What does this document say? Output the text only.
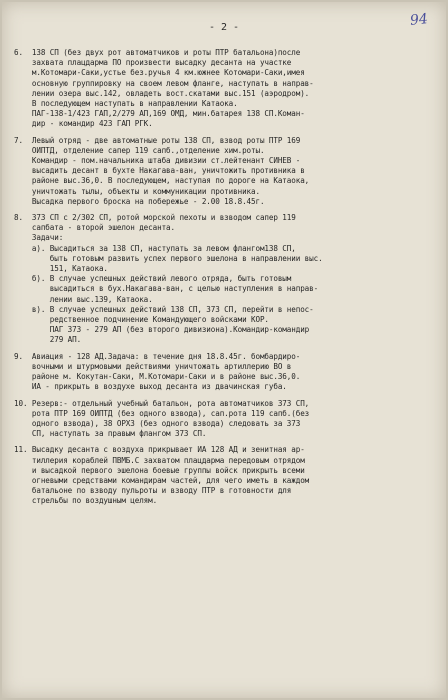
94
- 2 -
6.  138 СП (без двух рот автоматчиков и роты ПТР батальона)после
захвата плацдарма ПО произвести высадку десанта на участке
м.Котомари-Саки,устье без.ручья 4 км.южнее Котомари-Саки,имея
основную группировку на своем левом фланге, наступать в направ-
лении озера выс.142, овладеть вост.скатами выс.151 (аэродром).
В последующем наступать в направлении Катаока.
ПАГ-138-1/423 ГАП,2/279 АП,169 ОМД, мин.батарея 138 СП.Коман-
дир - командир 423 ГАП РГК.
7.  Левый отряд - две автоматные роты 138 СП, взвод роты ПТР 169
ОИПТД, отделение сапер 119 сапб.,отделение хим.роты.
Командир - пом.начальника штаба дивизии ст.лейтенант СИНЕВ -
высадить десант в бухте Накагава-ван, уничтожить противника в
районе выс.36,0. В последующем, наступая по дороге на Катаока,
уничтожать тылы, объекты и коммуникации противника.
Высадка первого броска на побережье - 2.00 18.8.45г.
8.  373 СП с 2/302 СП, ротой морской пехоты и взводом сапер 119
сапбата - второй эшелон десанта.
Задачи:
а). Высадиться за 138 СП, наступать за левом флангом138 СП,
быть готовым развить успех первого эшелона в направлении выс.
151, Катаока.
б). В случае успешных действий левого отряда, быть готовым
высадиться в бух.Накагава-ван, с целью наступления в направ-
лении выс.139, Катаока.
в). В случае успешных действий 138 СП, 373 СП, перейти в непос-
редственное подчинение Командующего войсками КОР.
ПАГ 373 - 279 АП (без второго дивизиона).Командир-командир
279 АП.
9.  Авиация - 128 АД.Задача: в течение дня 18.8.45г. бомбардиро-
вочными и штурмовыми действиями уничтожать артиллерию ВО в
районе м. Кокутан-Саки, М.Котомари-Саки и в районе выс.36,0.
ИА - прикрыть в воздухе выход десанта из двачинская губа.
10. Резерв:- отдельный учебный батальон, рота автоматчиков 373 СП,
рота ПТР 169 ОИПТД (без одного взвода), сап.рота 119 сапб.(без
одного взвода), 38 ОРХЗ (без одного взвода) следовать за 373
СП, наступать за правым флангом 373 СП.
11. Высадку десанта с воздуха прикрывает ИА 128 АД и зенитная ар-
тиллерия кораблей ПВМБ.С захватом плацдарма передовым отрядом
и высадкой первого эшелона боевые группы войск прикрыть всеми
огневыми средствами командирам частей, для чего иметь в каждом
батальоне по взводу пульроты и взводу ПТР в готовности для
стрельбы по воздушным целям.
